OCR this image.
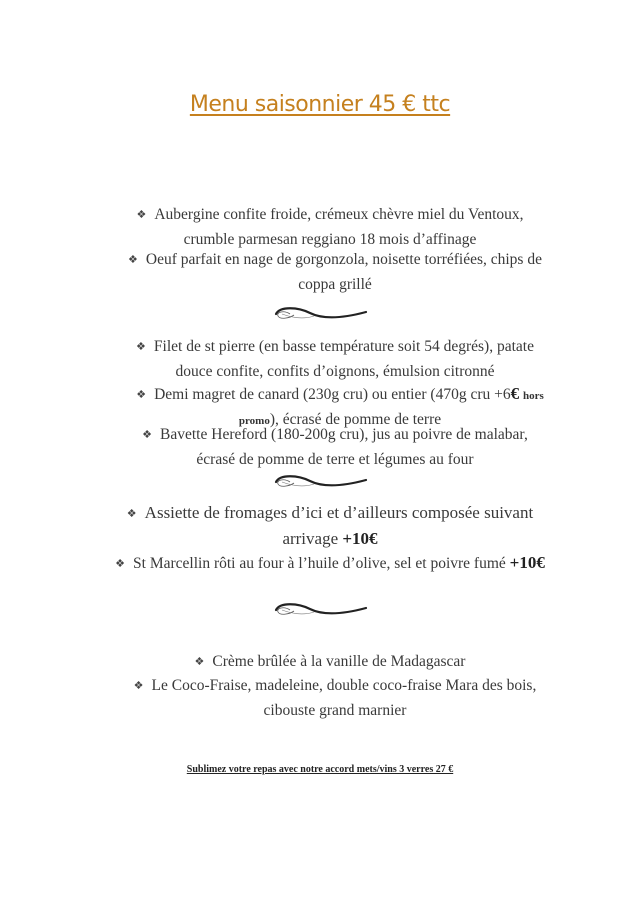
Menu saisonnier 45 € ttc
❖ Aubergine confite froide, crémeux chèvre miel du Ventoux,
crumble parmesan reggiano 18 mois d’affinage
❖ Oeuf parfait en nage de gorgonzola, noisette torréfiées, chips de
coppa grillé
❖ Filet de st pierre (en basse température soit 54 degrés), patate
douce confite, confits d’oignons, émulsion citronné
❖ Demi magret de canard (230g cru) ou entier (470g cru +6€ hors
promo), écrasé de pomme de terre
❖ Bavette Hereford (180-200g cru), jus au poivre de malabar,
écrasé de pomme de terre et légumes au four
❖ Assiette de fromages d’ici et d’ailleurs composée suivant
arrivage +10€
❖ St Marcellin rôti au four à l’huile d’olive, sel et poivre fumé +10€
❖ Crème brûlée à la vanille de Madagascar
❖ Le Coco-Fraise, madeleine, double coco-fraise Mara des bois,
cibouste grand marnier
Sublimez votre repas avec notre accord mets/vins 3 verres 27 €
